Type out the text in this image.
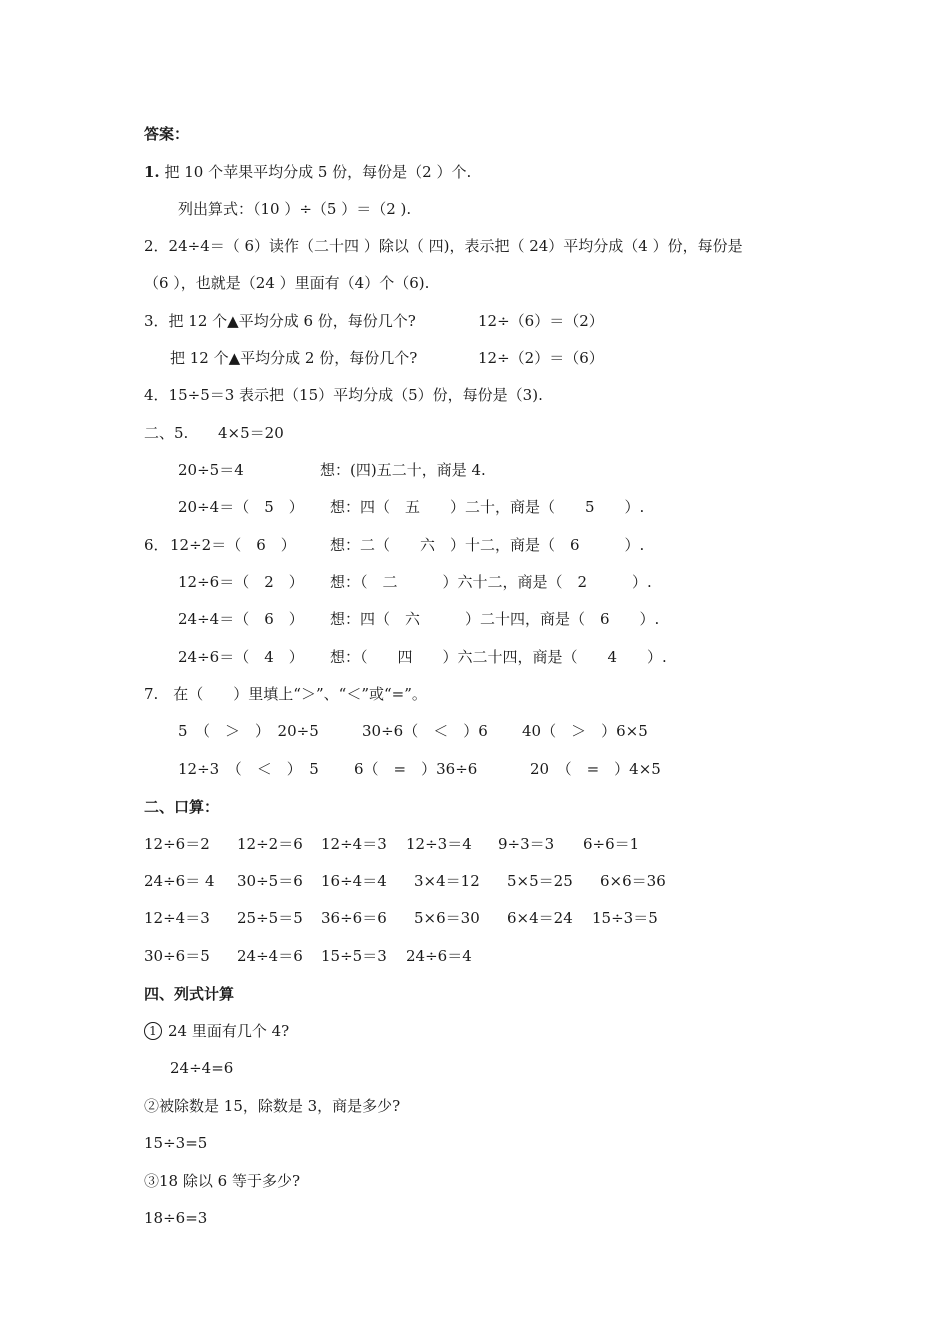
答案：
1. 把 10 个苹果平均分成 5 份，每份是（2 ）个.
列出算式：（10 ）÷（5 ）＝（2 ).
2．24÷4＝（ 6）读作（二十四 ）除以（ 四)，表示把（ 24）平均分成（4 ）份，每份是
（6 ），也就是（24 ）里面有（4）个（6).
3．把 12 个▲平均分成 6 份，每份几个?	12÷（6）＝（2）
把 12 个▲平均分成 2 份，每份几个?	12÷（2）＝（6）
4．15÷5＝3 表示把（15）平均分成（5）份，每份是（3).
二、5. 4×5＝20
20÷5＝4	想：(四)五二十，商是 4.
20÷4＝（　5　） 想：四（　五　　）二十，商是（　　5　　）.
6． 12÷2＝（　6　） 想：二（　　六　）十二，商是（　6　　　）.
12÷6＝（　2　） 想：（　二　　　）六十二，商是（　2　　　）.
24÷4＝（　6　） 想：四（　六　　　）二十四，商是（　6　　）.
24÷6＝（　4　） 想：（　　四　　）六二十四，商是（　　4　　）.
7.　在（　　）里填上“＞”、“＜”或“=”。
5　（　＞　）　20÷5	30÷6（　＜　）6 40（　＞　）6×5
12÷3　（　＜　）　5 6（　=　）36÷6	20　（　=　）4×5
二、口算：
12÷6＝2 12÷2＝6 12÷4＝3 12÷3＝4 9÷3＝3 6÷6＝1
24÷6＝ 4 30÷5＝6 16÷4＝4 3×4＝12 5×5＝25 6×6＝36
12÷4＝3 25÷5＝5 36÷6＝6 5×6＝30 6×4＝24 15÷3＝5
30÷6＝5 24÷4＝6 15÷5＝3 24÷6＝4
四、列式计算
1 24 里面有几个 4?
24÷4=6
②被除数是 15，除数是 3，商是多少?
15÷3=5
③18 除以 6 等于多少?
18÷6=3
